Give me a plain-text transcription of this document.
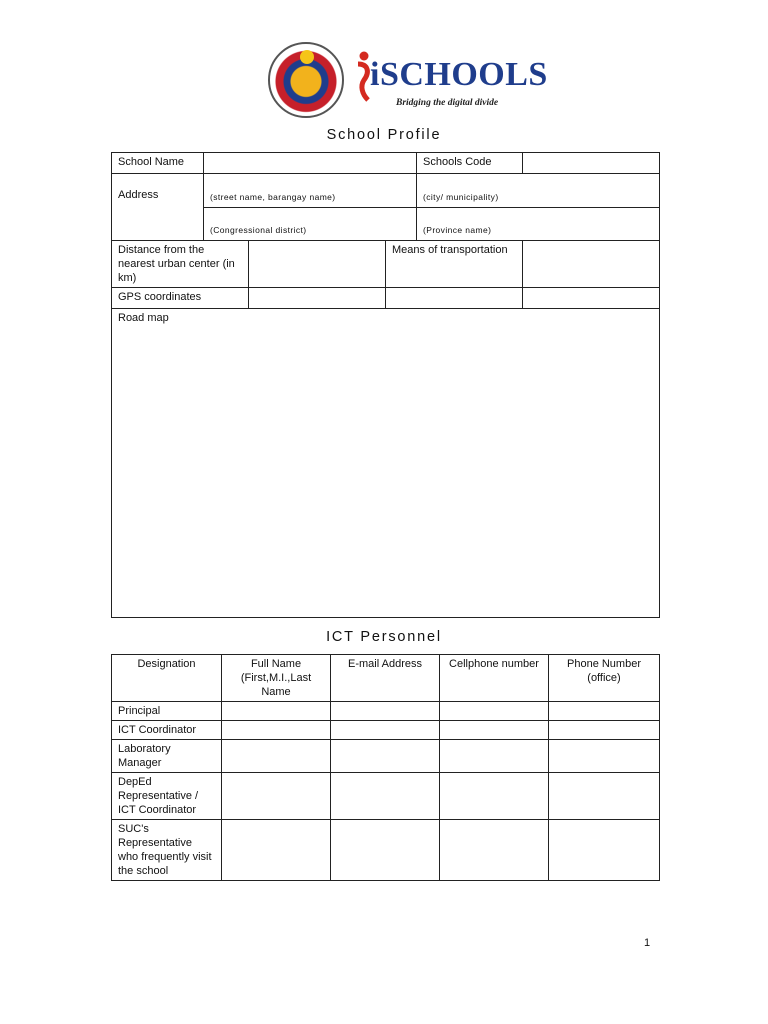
iSCHOOLS
Bridging the digital divide
School Profile
School Name				Schools Code	
Address	(street name, barangay name)			(city/ municipality)	
	(Congressional district)			(Province name)	
Distance from the nearest urban center (in km)			Means of transportation		
GPS coordinates					
Road map					
ICT Personnel
Designation	Full Name (First,M.I.,Last Name	E-mail Address	Cellphone number	Phone Number (office)
Principal				
ICT Coordinator				
Laboratory Manager				
DepEd Representative / ICT Coordinator				
SUC's Representative who frequently visit the school				
1
